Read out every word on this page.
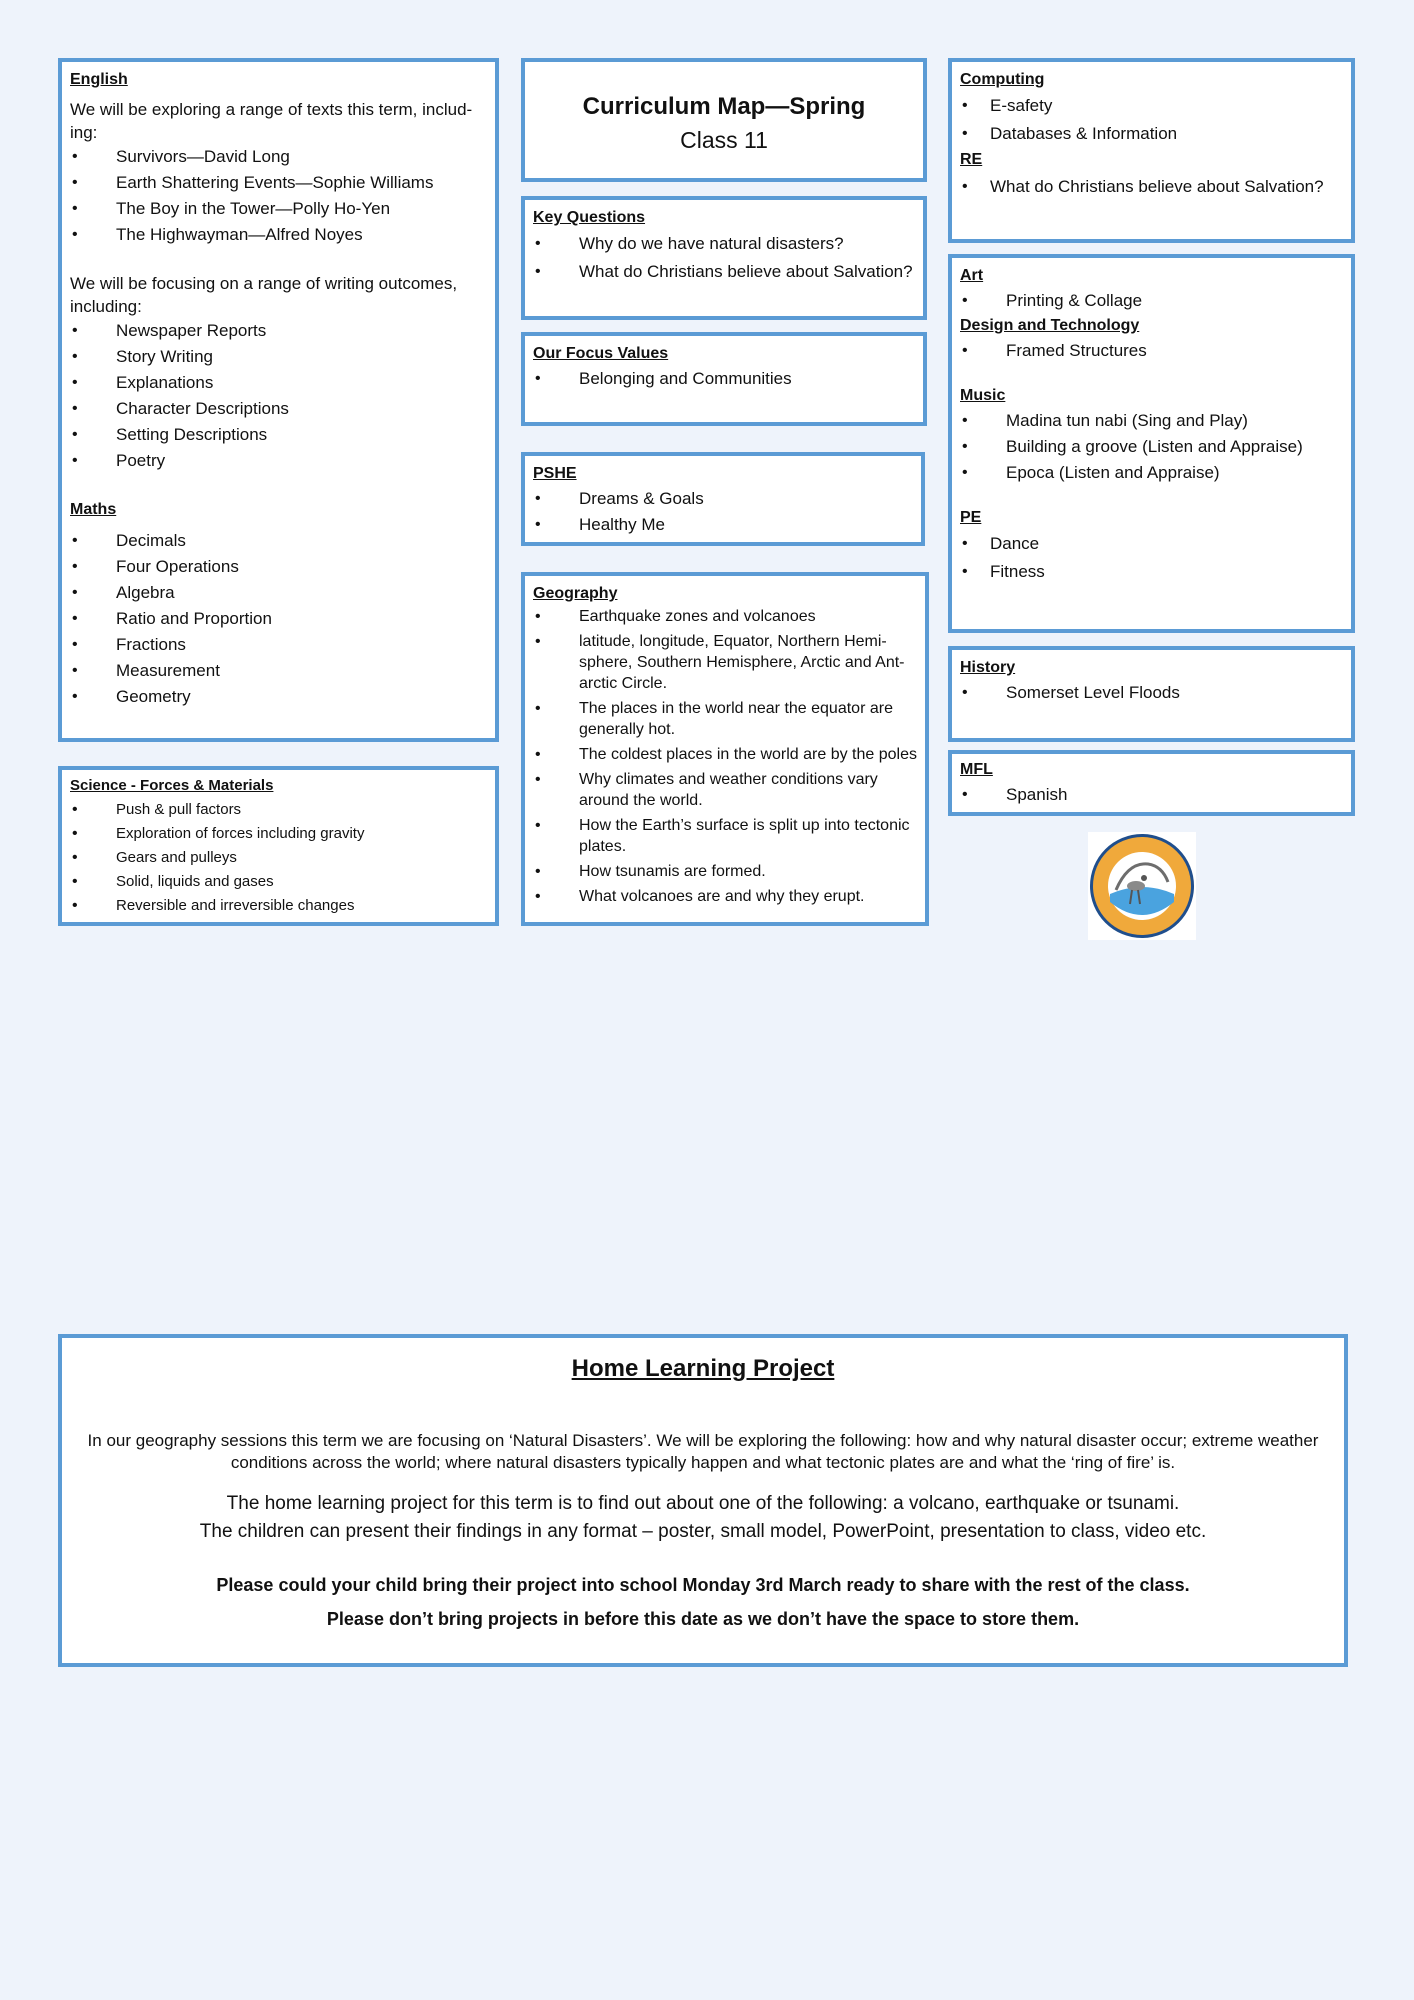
English
We will be exploring a range of texts this term, includ-ing:
• Survivors—David Long
• Earth Shattering Events—Sophie Williams
• The Boy in the Tower—Polly Ho-Yen
• The Highwayman—Alfred Noyes
We will be focusing on a range of writing outcomes, including:
• Newspaper Reports
• Story Writing
• Explanations
• Character Descriptions
• Setting Descriptions
• Poetry
Maths
• Decimals
• Four Operations
• Algebra
• Ratio and Proportion
• Fractions
• Measurement
• Geometry
Science - Forces & Materials
• Push & pull factors
• Exploration of forces including gravity
• Gears and pulleys
• Solid, liquids and gases
• Reversible and irreversible changes
Curriculum Map—Spring
Class 11
Key Questions
• Why do we have natural disasters?
• What do Christians believe about Salvation?
Our Focus Values
• Belonging and Communities
PSHE
• Dreams & Goals
• Healthy Me
Geography
• Earthquake zones and volcanoes
• latitude, longitude, Equator, Northern Hemi-sphere, Southern Hemisphere, Arctic and Ant-arctic Circle.
• The places in the world near the equator are generally hot.
• The coldest places in the world are by the poles
• Why climates and weather conditions vary around the world.
• How the Earth’s surface is split up into tectonic plates.
• How tsunamis are formed.
• What volcanoes are and why they erupt.
Computing
• E-safety
• Databases & Information
RE
• What do Christians believe about Salvation?
Art
• Printing & Collage
Design and Technology
• Framed Structures
Music
• Madina tun nabi (Sing and Play)
• Building a groove (Listen and Appraise)
• Epoca (Listen and Appraise)
PE
• Dance
• Fitness
History
• Somerset Level Floods
MFL
• Spanish
Home Learning Project
In our geography sessions this term we are focusing on ‘Natural Disasters’. We will be exploring the following: how and why natural disaster occur; extreme weather conditions across the world; where natural disasters typically happen and what tectonic plates are and what the ‘ring of fire’ is.
The home learning project for this term is to find out about one of the following: a volcano, earthquake or tsunami.
The children can present their findings in any format – poster, small model, PowerPoint, presentation to class, video etc.
Please could your child bring their project into school Monday 3rd March ready to share with the rest of the class.
Please don’t bring projects in before this date as we don’t have the space to store them.
